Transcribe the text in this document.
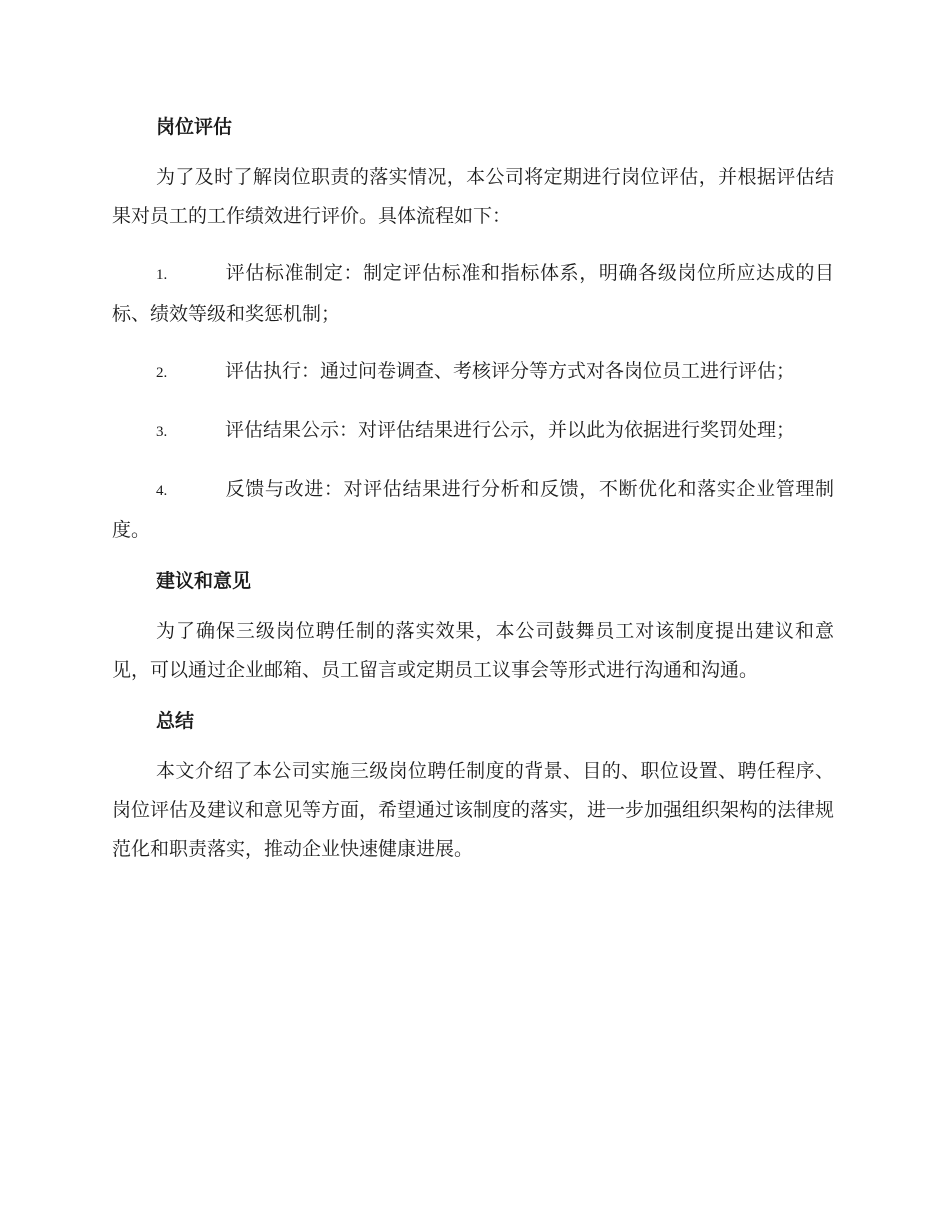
岗位评估

为了及时了解岗位职责的落实情况，本公司将定期进行岗位评估，并根据评估结果对员工的工作绩效进行评价。具体流程如下：

1.	评估标准制定：制定评估标准和指标体系，明确各级岗位所应达成的目标、绩效等级和奖惩机制；

2.	评估执行：通过问卷调查、考核评分等方式对各岗位员工进行评估；

3.	评估结果公示：对评估结果进行公示，并以此为依据进行奖罚处理；

4.	反馈与改进：对评估结果进行分析和反馈，不断优化和落实企业管理制度。

建议和意见

为了确保三级岗位聘任制的落实效果，本公司鼓舞员工对该制度提出建议和意见，可以通过企业邮箱、员工留言或定期员工议事会等形式进行沟通和沟通。

总结

本文介绍了本公司实施三级岗位聘任制度的背景、目的、职位设置、聘任程序、岗位评估及建议和意见等方面，希望通过该制度的落实，进一步加强组织架构的法律规范化和职责落实，推动企业快速健康进展。
